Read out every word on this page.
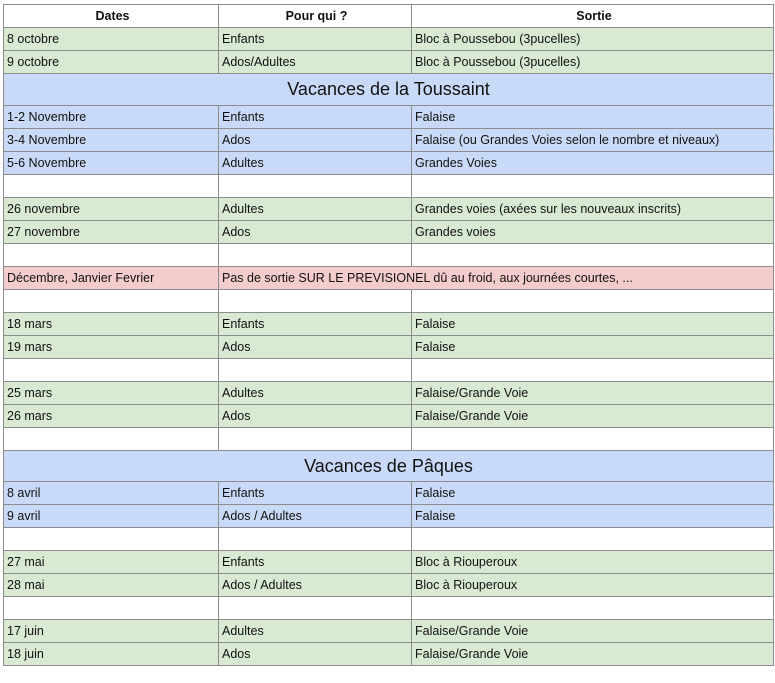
Dates	Pour qui ?	Sortie
8 octobre	Enfants	Bloc à Poussebou (3pucelles)
9 octobre	Ados/Adultes	Bloc à Poussebou (3pucelles)
Vacances de la Toussaint		
1-2 Novembre	Enfants	Falaise
3-4 Novembre	Ados	Falaise (ou Grandes Voies selon le nombre et niveaux)
5-6 Novembre	Adultes	Grandes Voies

26 novembre	Adultes	Grandes voies (axées sur les nouveaux inscrits)
27 novembre	Ados	Grandes voies

Décembre, Janvier Fevrier	Pas de sortie SUR LE PREVISIONEL dû au froid, aux journées courtes, ...	

18 mars	Enfants	Falaise
19 mars	Ados	Falaise

25 mars	Adultes	Falaise/Grande Voie
26 mars	Ados	Falaise/Grande Voie

Vacances de Pâques		
8 avril	Enfants	Falaise
9 avril	Ados / Adultes	Falaise

27 mai	Enfants	Bloc à Riouperoux
28 mai	Ados / Adultes	Bloc à Riouperoux

17 juin	Adultes	Falaise/Grande Voie
18 juin	Ados	Falaise/Grande Voie
